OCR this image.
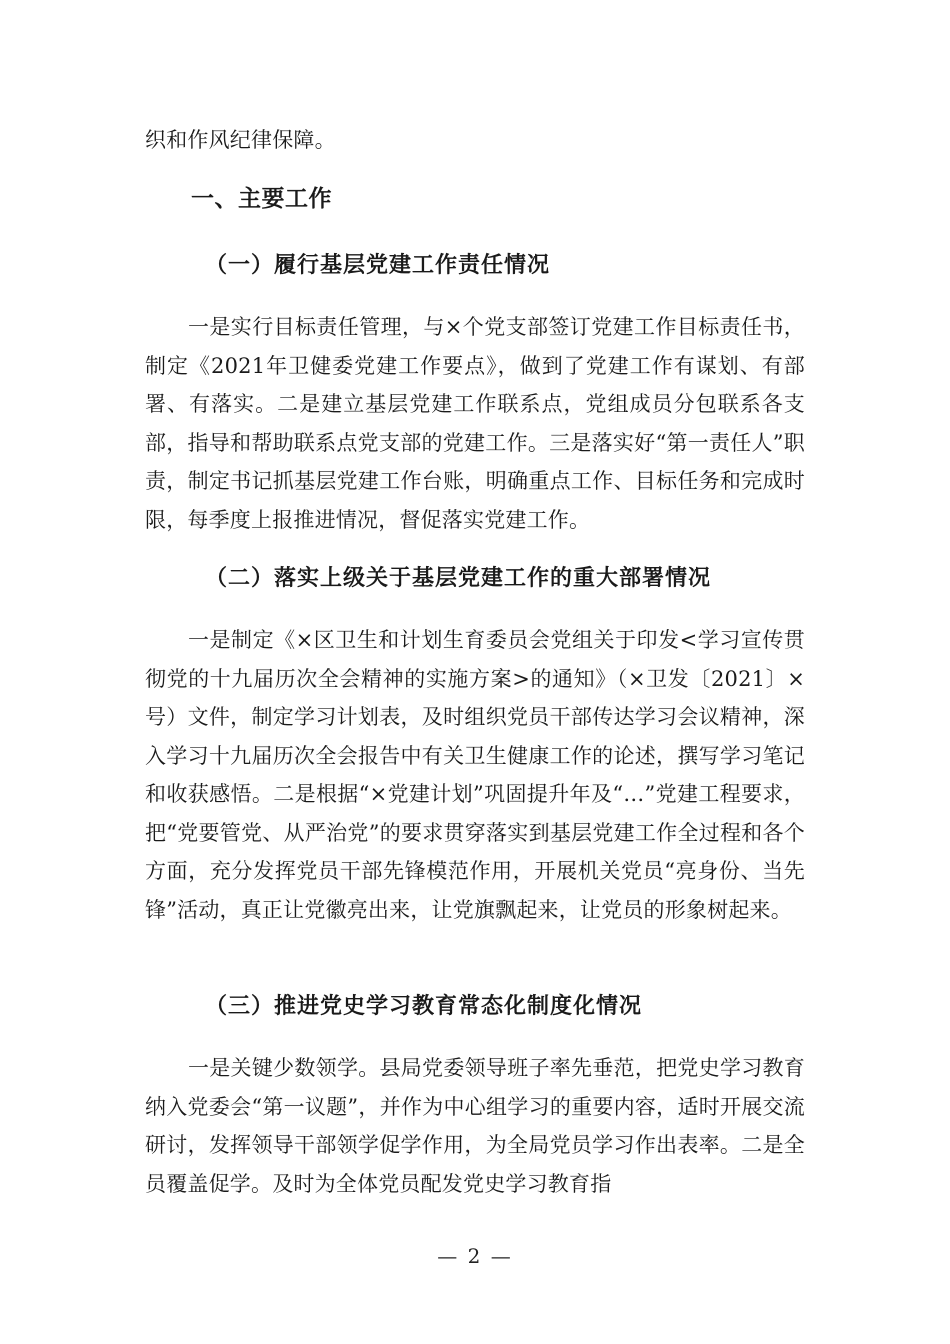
织和作风纪律保障。

一、主要工作
（一）履行基层党建工作责任情况

一是实行目标责任管理，与×个党支部签订党建工作目标责任书，制定《2021年卫健委党建工作要点》，做到了党建工作有谋划、有部署、有落实。二是建立基层党建工作联系点，党组成员分包联系各支部，指导和帮助联系点党支部的党建工作。三是落实好“第一责任人”职责，制定书记抓基层党建工作台账，明确重点工作、目标任务和完成时限，每季度上报推进情况，督促落实党建工作。

（二）落实上级关于基层党建工作的重大部署情况

一是制定《×区卫生和计划生育委员会党组关于印发<学习宣传贯彻党的十九届历次全会精神的实施方案>的通知》（×卫发〔2021〕×号）文件，制定学习计划表，及时组织党员干部传达学习会议精神，深入学习十九届历次全会报告中有关卫生健康工作的论述，撰写学习笔记和收获感悟。二是根据“×党建计划”巩固提升年及“…”党建工程要求，把“党要管党、从严治党”的要求贯穿落实到基层党建工作全过程和各个方面，充分发挥党员干部先锋模范作用，开展机关党员“亮身份、当先锋”活动，真正让党徽亮出来，让党旗飘起来，让党员的形象树起来。

（三）推进党史学习教育常态化制度化情况

一是关键少数领学。县局党委领导班子率先垂范，把党史学习教育纳入党委会“第一议题”，并作为中心组学习的重要内容，适时开展交流研讨，发挥领导干部领学促学作用，为全局党员学习作出表率。二是全员覆盖促学。及时为全体党员配发党史学习教育指

— 2 —
